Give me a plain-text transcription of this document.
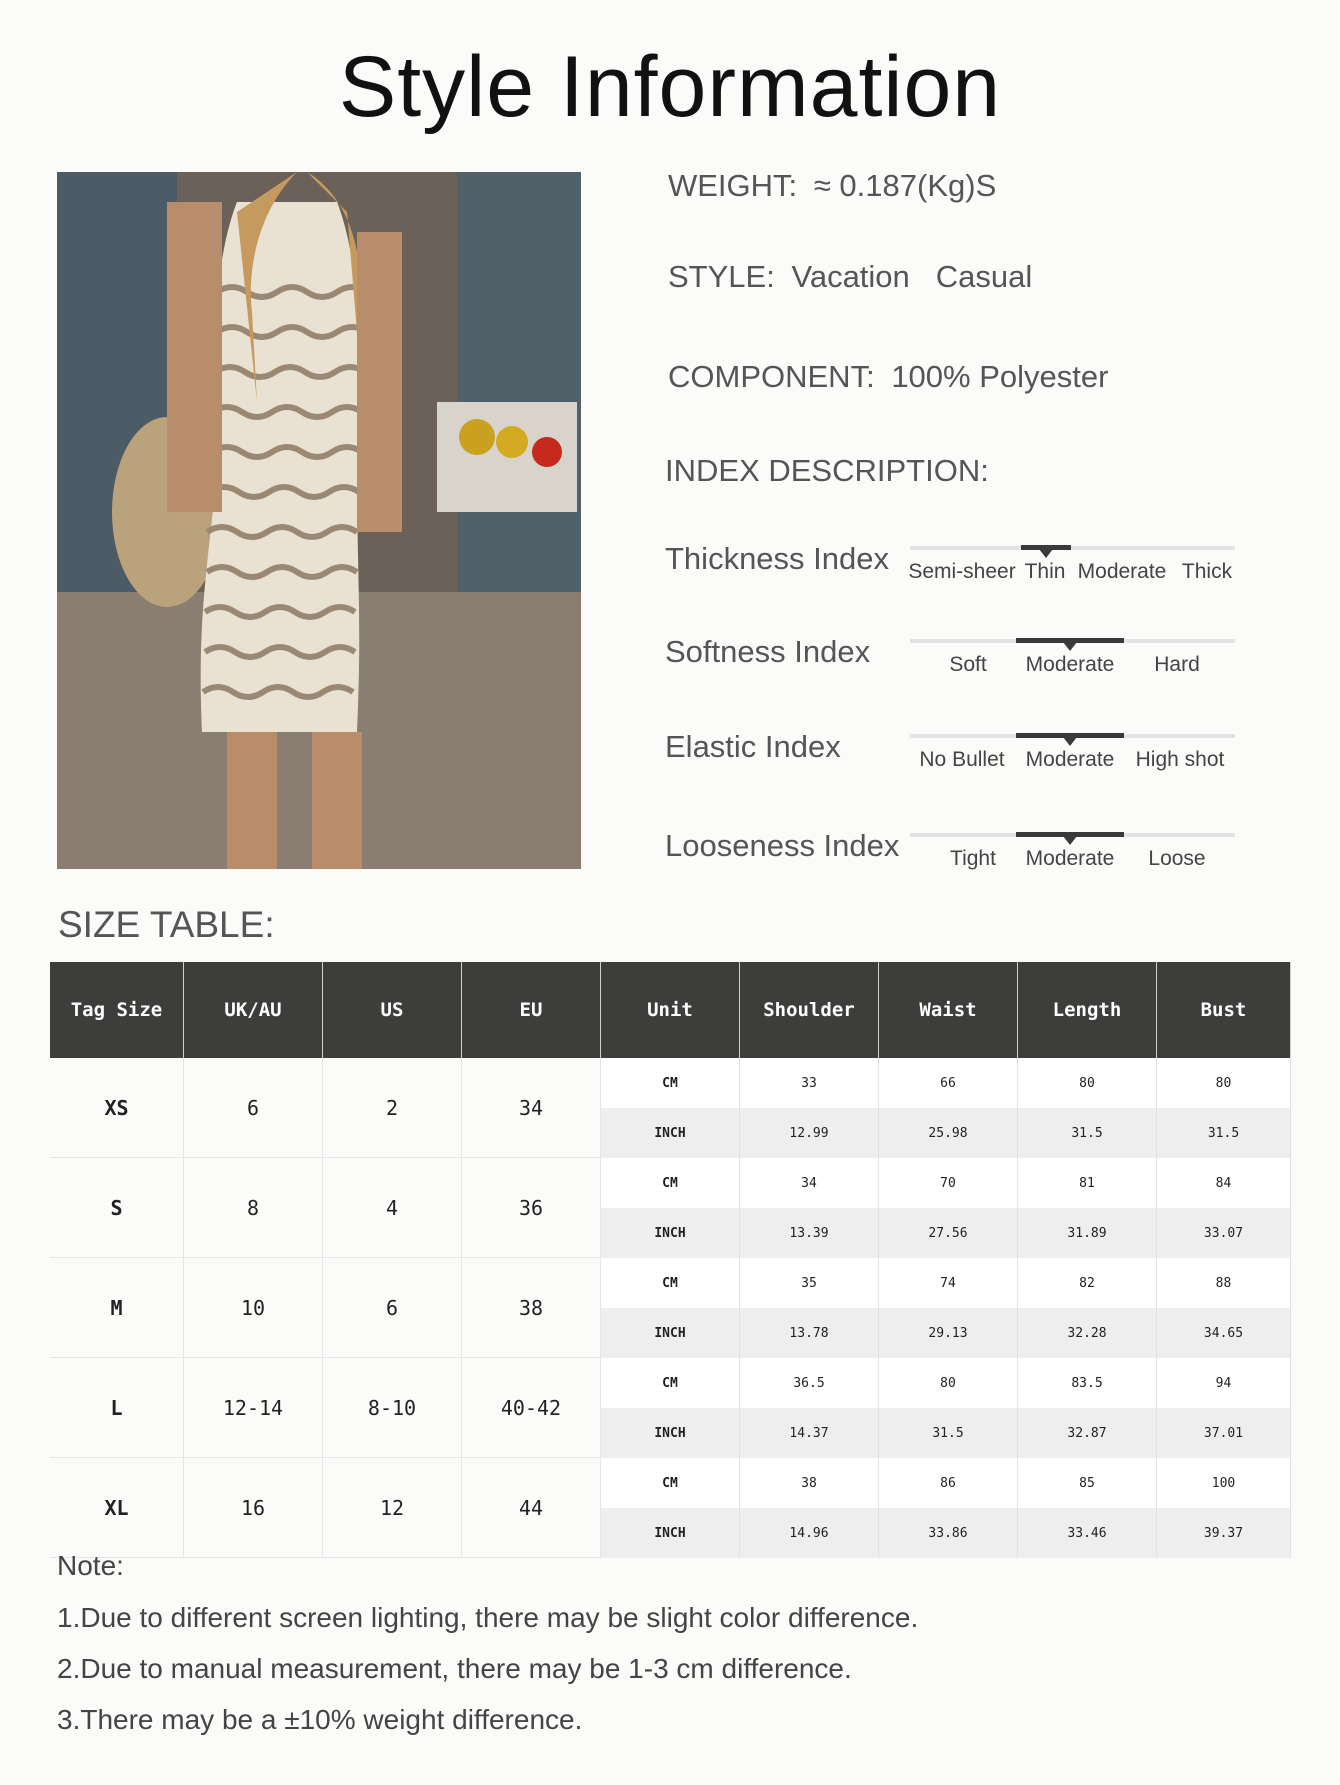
Style Information
WEIGHT: ≈ 0.187(Kg)S
STYLE: Vacation Casual
COMPONENT: 100% Polyester
INDEX DESCRIPTION:
Thickness Index Semi-sheer Thin Moderate Thick
Softness Index	Soft Moderate Hard
Elastic Index	No Bullet Moderate High shot
Looseness Index Tight Moderate Loose
SIZE TABLE:
Tag Size	UK/AU	US	EU	Unit	Shoulder	Waist	Length	Bust
XS	6	2	34
CM	33	66	80	80
INCH	12.99	25.98	31.5	31.5
S	8	4	36
CM	34	70	81	84
INCH	13.39	27.56	31.89	33.07
M	10	6	38
CM	35	74	82	88
INCH	13.78	29.13	32.28	34.65
L	12-14	8-10	40-42
CM	36.5	80	83.5	94
INCH	14.37	31.5	32.87	37.01
XL	16	12	44
CM	38	86	85	100
INCH	14.96	33.86	33.46	39.37
Note:
1.Due to different screen lighting, there may be slight color difference.
2.Due to manual measurement, there may be 1-3 cm difference.
3.There may be a ±10% weight difference.
